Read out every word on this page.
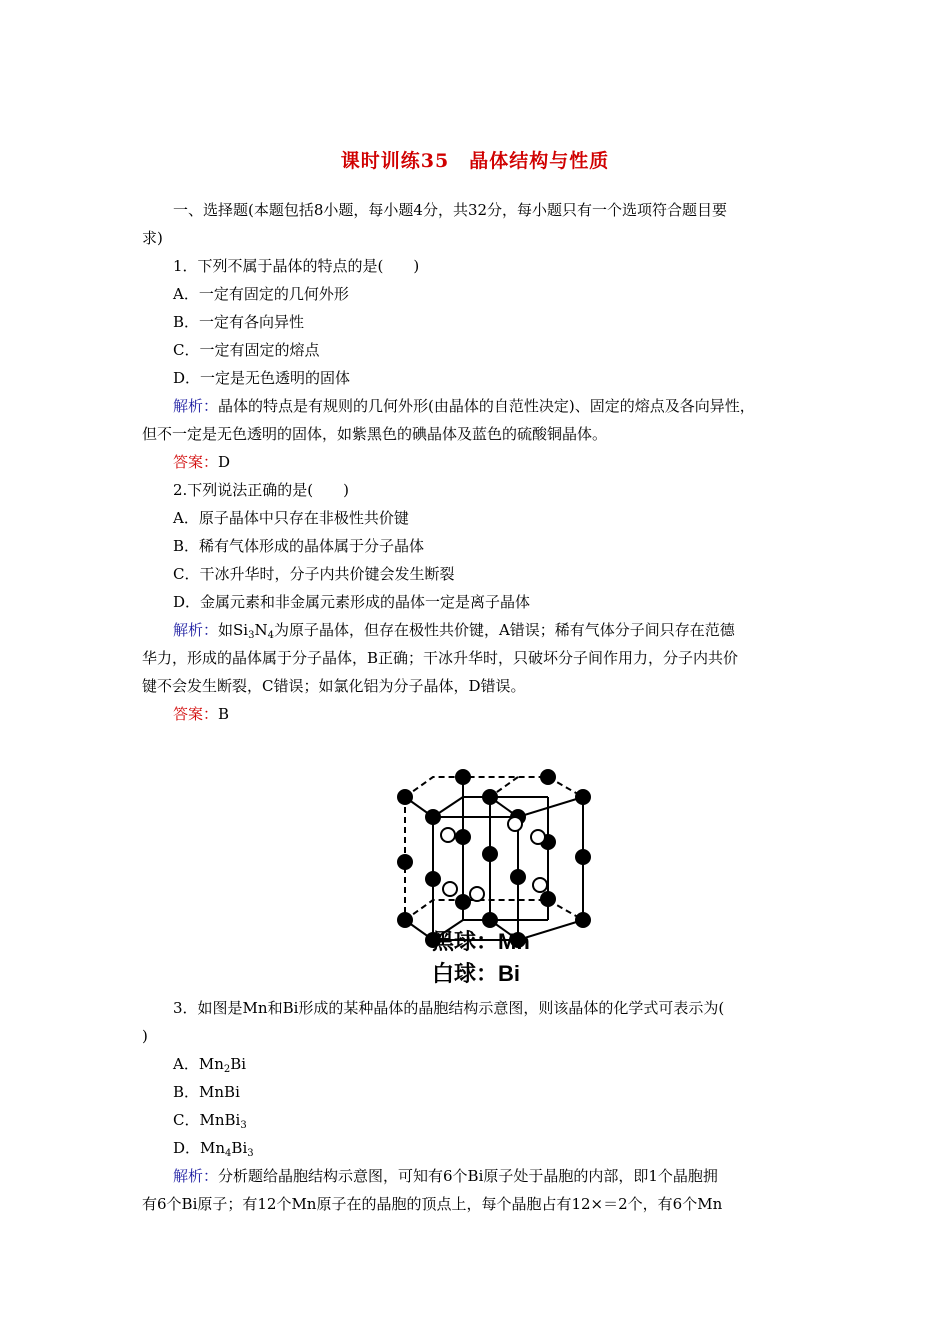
课时训练35　晶体结构与性质
一、选择题(本题包括8小题，每小题4分，共32分，每小题只有一个选项符合题目要
求)
1．下列不属于晶体的特点的是(　　)
A．一定有固定的几何外形
B．一定有各向异性
C．一定有固定的熔点
D．一定是无色透明的固体
解析：晶体的特点是有规则的几何外形(由晶体的自范性决定)、固定的熔点及各向异性，
但不一定是无色透明的固体，如紫黑色的碘晶体及蓝色的硫酸铜晶体。
答案：D
2.下列说法正确的是(　　)
A．原子晶体中只存在非极性共价键
B．稀有气体形成的晶体属于分子晶体
C．干冰升华时，分子内共价键会发生断裂
D．金属元素和非金属元素形成的晶体一定是离子晶体
解析：如$Si_3N_4$为原子晶体，但存在极性共价键，A错误；稀有气体分子间只存在范德
华力，形成的晶体属于分子晶体，B正确；干冰升华时，只破坏分子间作用力，分子内共价
键不会发生断裂，C错误；如氯化铝为分子晶体，D错误。
答案：B
黑球：Mn
白球：Bi
3．如图是Mn和Bi形成的某种晶体的晶胞结构示意图，则该晶体的化学式可表示为(
)
A．$Mn_2Bi$
B．MnBi
C．MnBi$_3$
D．$Mn_4Bi_3$
解析：分析题给晶胞结构示意图，可知有6个Bi原子处于晶胞的内部，即1个晶胞拥
有6个Bi原子；有12个Mn原子在的晶胞的顶点上，每个晶胞占有12×＝2个，有6个Mn
